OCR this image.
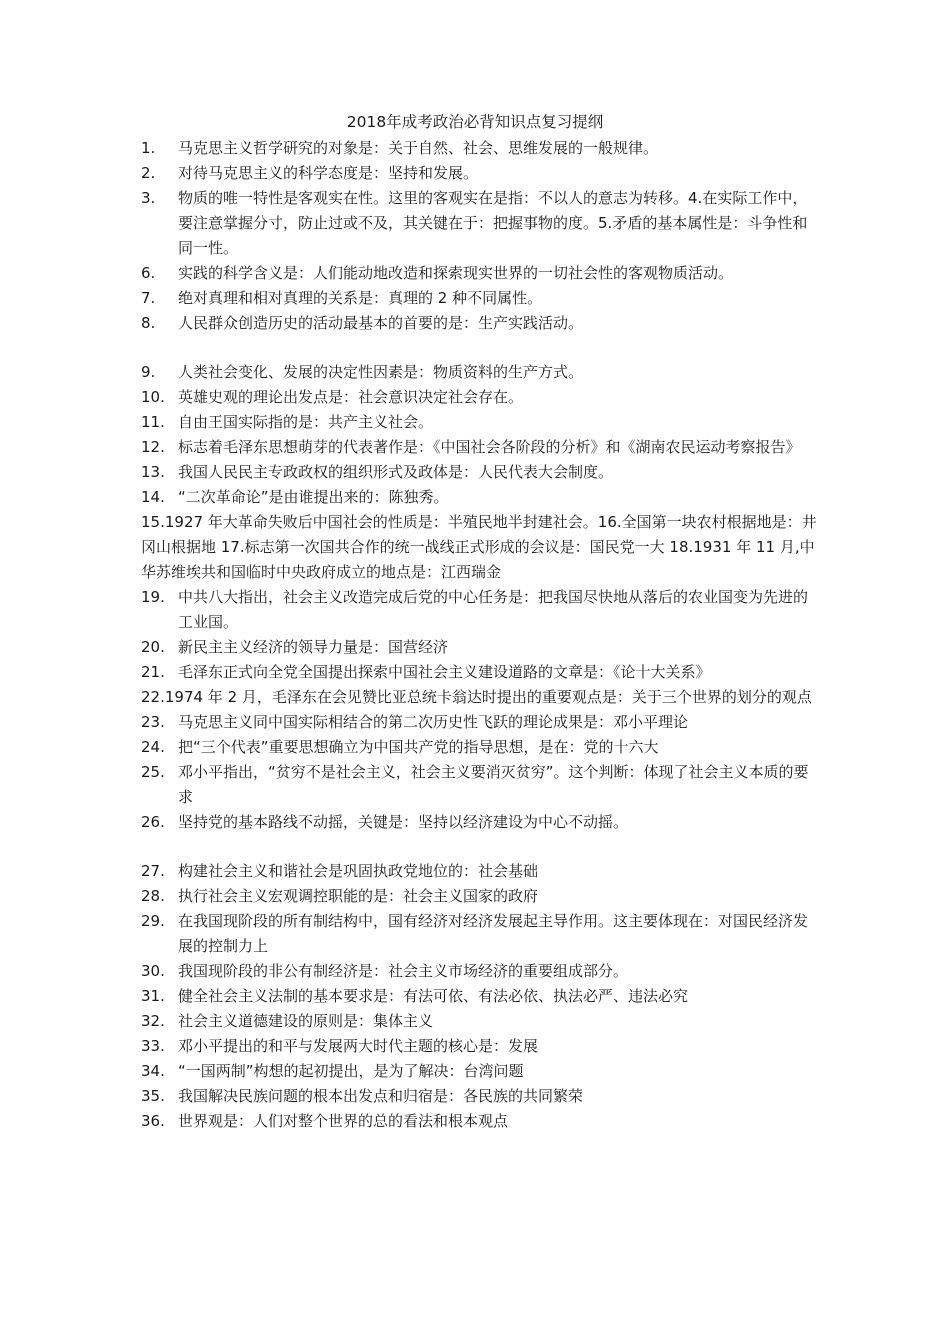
2018年成考政治必背知识点复习提纲
1. 马克思主义哲学研究的对象是：关于自然、社会、思维发展的一般规律。
2. 对待马克思主义的科学态度是：坚持和发展。
3. 物质的唯一特性是客观实在性。这里的客观实在是指：不以人的意志为转移。4.在实际工作中，要注意掌握分寸，防止过或不及，其关键在于：把握事物的度。5.矛盾的基本属性是：斗争性和同一性。
6. 实践的科学含义是：人们能动地改造和探索现实世界的一切社会性的客观物质活动。
7. 绝对真理和相对真理的关系是：真理的 2 种不同属性。
8. 人民群众创造历史的活动最基本的首要的是：生产实践活动。
9. 人类社会变化、发展的决定性因素是：物质资料的生产方式。
10. 英雄史观的理论出发点是：社会意识决定社会存在。
11. 自由王国实际指的是：共产主义社会。
12. 标志着毛泽东思想萌芽的代表著作是：《中国社会各阶段的分析》和《湖南农民运动考察报告》
13. 我国人民民主专政政权的组织形式及政体是：人民代表大会制度。
14. “二次革命论”是由谁提出来的：陈独秀。
15.1927 年大革命失败后中国社会的性质是：半殖民地半封建社会。16.全国第一块农村根据地是：井冈山根据地 17.标志第一次国共合作的统一战线正式形成的会议是：国民党一大 18.1931 年 11 月,中华苏维埃共和国临时中央政府成立的地点是：江西瑞金
19. 中共八大指出，社会主义改造完成后党的中心任务是：把我国尽快地从落后的农业国变为先进的工业国。
20. 新民主主义经济的领导力量是：国营经济
21. 毛泽东正式向全党全国提出探索中国社会主义建设道路的文章是：《论十大关系》
22.1974 年 2 月，毛泽东在会见赞比亚总统卡翁达时提出的重要观点是：关于三个世界的划分的观点
23. 马克思主义同中国实际相结合的第二次历史性飞跃的理论成果是：邓小平理论
24. 把“三个代表”重要思想确立为中国共产党的指导思想，是在：党的十六大
25. 邓小平指出，“贫穷不是社会主义，社会主义要消灭贫穷”。这个判断：体现了社会主义本质的要求
26. 坚持党的基本路线不动摇，关键是：坚持以经济建设为中心不动摇。
27. 构建社会主义和谐社会是巩固执政党地位的：社会基础
28. 执行社会主义宏观调控职能的是：社会主义国家的政府
29. 在我国现阶段的所有制结构中，国有经济对经济发展起主导作用。这主要体现在：对国民经济发展的控制力上
30. 我国现阶段的非公有制经济是：社会主义市场经济的重要组成部分。
31. 健全社会主义法制的基本要求是：有法可依、有法必依、执法必严、违法必究
32. 社会主义道德建设的原则是：集体主义
33. 邓小平提出的和平与发展两大时代主题的核心是：发展
34. “一国两制”构想的起初提出，是为了解决：台湾问题
35. 我国解决民族问题的根本出发点和归宿是：各民族的共同繁荣
36. 世界观是：人们对整个世界的总的看法和根本观点
